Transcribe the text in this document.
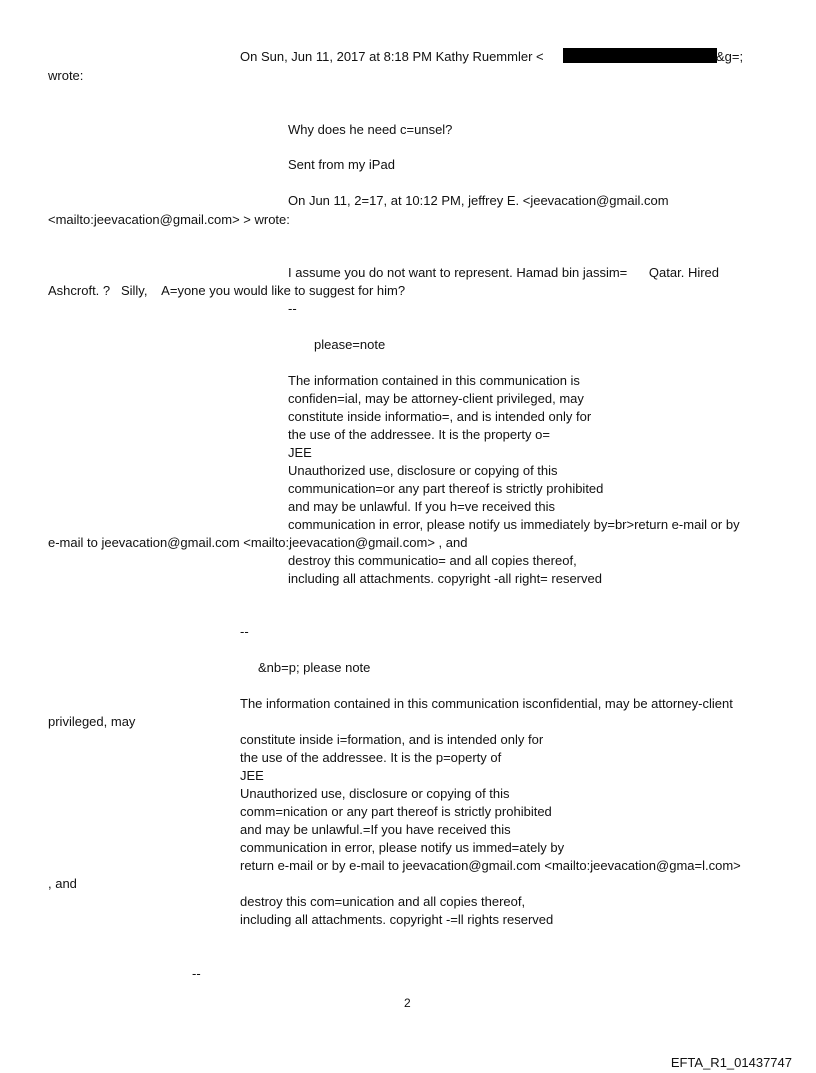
On Sun, Jun 11, 2017 at 8:18 PM Kathy Ruemmler <	&g=;
wrote:
Why does he need c=unsel?
Sent from my iPad
On Jun 11, 2=17, at 10:12 PM, jeffrey E. <jeevacation@gmail.com
<mailto:jeevacation@gmail.com> > wrote:
I assume you do not want to represent. Hamad bin jassim=      Qatar. Hired
Ashcroft. ?   Silly,    A=yone you would like to suggest for him?
--
please=note
The information contained in this communication is
confiden=ial, may be attorney-client privileged, may
constitute inside informatio=, and is intended only for
the use of the addressee. It is the property o=
JEE
Unauthorized use, disclosure or copying of this
communication=or any part thereof is strictly prohibited
and may be unlawful. If you h=ve received this
communication in error, please notify us immediately by=br>return e-mail or by
e-mail to jeevacation@gmail.com <mailto:jeevacation@gmail.com> , and
destroy this communicatio= and all copies thereof,
including all attachments. copyright -all right= reserved
--
&nb=p; please note
The information contained in this communication isconfidential, may be attorney-client
privileged, may
constitute inside i=formation, and is intended only for
the use of the addressee. It is the p=operty of
JEE
Unauthorized use, disclosure or copying of this
comm=nication or any part thereof is strictly prohibited
and may be unlawful.=If you have received this
communication in error, please notify us immed=ately by
return e-mail or by e-mail to jeevacation@gmail.com <mailto:jeevacation@gma=l.com>
, and
destroy this com=unication and all copies thereof,
including all attachments. copyright -=ll rights reserved
--
2
EFTA_R1_01437747
